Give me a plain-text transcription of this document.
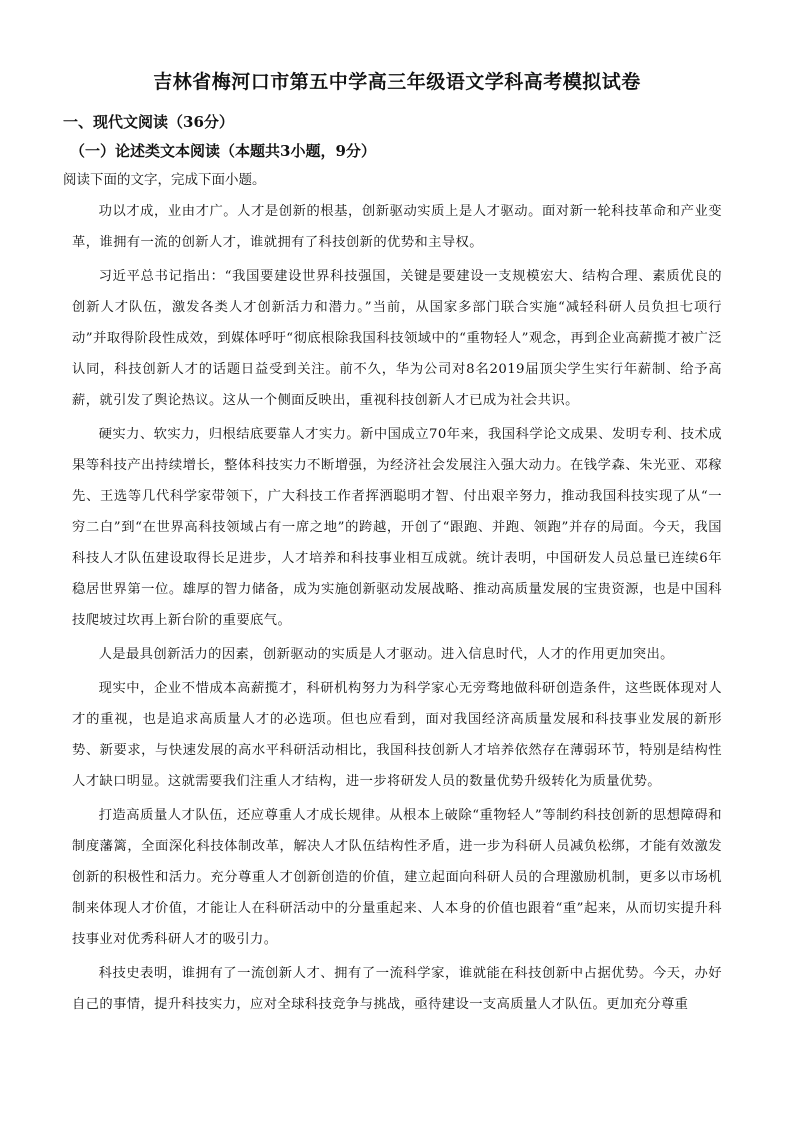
吉林省梅河口市第五中学高三年级语文学科高考模拟试卷
一、现代文阅读（36分）
（一）论述类文本阅读（本题共3小题，9分）
阅读下面的文字，完成下面小题。

功以才成，业由才广。人才是创新的根基，创新驱动实质上是人才驱动。面对新一轮科技革命和产业变革，谁拥有一流的创新人才，谁就拥有了科技创新的优势和主导权。

习近平总书记指出：“我国要建设世界科技强国，关键是要建设一支规模宏大、结构合理、素质优良的创新人才队伍，激发各类人才创新活力和潜力。”当前，从国家多部门联合实施“减轻科研人员负担七项行动”并取得阶段性成效，到媒体呼吁“彻底根除我国科技领域中的“重物轻人”观念，再到企业高薪揽才被广泛认同，科技创新人才的话题日益受到关注。前不久，华为公司对8名2019届顶尖学生实行年薪制、给予高薪，就引发了舆论热议。这从一个侧面反映出，重视科技创新人才已成为社会共识。

硬实力、软实力，归根结底要靠人才实力。新中国成立70年来，我国科学论文成果、发明专利、技术成果等科技产出持续增长，整体科技实力不断增强，为经济社会发展注入强大动力。在钱学森、朱光亚、邓稼先、王选等几代科学家带领下，广大科技工作者挥洒聪明才智、付出艰辛努力，推动我国科技实现了从“一穷二白”到“在世界高科技领域占有一席之地”的跨越，开创了“跟跑、并跑、领跑”并存的局面。今天，我国科技人才队伍建设取得长足进步，人才培养和科技事业相互成就。统计表明，中国研发人员总量已连续6年稳居世界第一位。雄厚的智力储备，成为实施创新驱动发展战略、推动高质量发展的宝贵资源，也是中国科技爬坡过坎再上新台阶的重要底气。

人是最具创新活力的因素，创新驱动的实质是人才驱动。进入信息时代，人才的作用更加突出。

现实中，企业不惜成本高薪揽才，科研机构努力为科学家心无旁骛地做科研创造条件，这些既体现对人才的重视，也是追求高质量人才的必选项。但也应看到，面对我国经济高质量发展和科技事业发展的新形势、新要求，与快速发展的高水平科研活动相比，我国科技创新人才培养依然存在薄弱环节，特别是结构性人才缺口明显。这就需要我们注重人才结构，进一步将研发人员的数量优势升级转化为质量优势。

打造高质量人才队伍，还应尊重人才成长规律。从根本上破除“重物轻人”等制约科技创新的思想障碍和制度藩篱，全面深化科技体制改革，解决人才队伍结构性矛盾，进一步为科研人员减负松绑，才能有效激发创新的积极性和活力。充分尊重人才创新创造的价值，建立起面向科研人员的合理激励机制，更多以市场机制来体现人才价值，才能让人在科研活动中的分量重起来、人本身的价值也跟着“重”起来，从而切实提升科技事业对优秀科研人才的吸引力。

科技史表明，谁拥有了一流创新人才、拥有了一流科学家，谁就能在科技创新中占据优势。今天，办好自己的事情，提升科技实力，应对全球科技竞争与挑战，亟待建设一支高质量人才队伍。更加充分尊重
